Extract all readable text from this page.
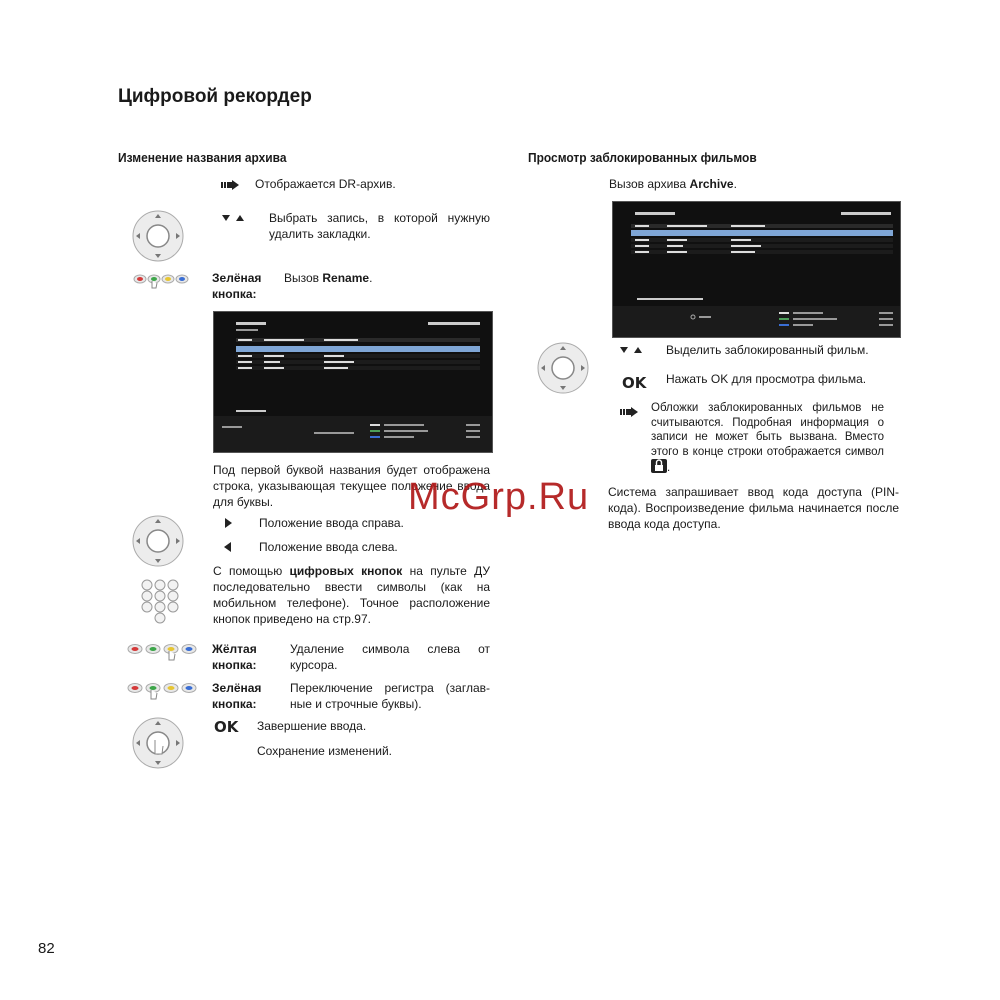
Цифровой рекордер
Изменение названия архива
Отображается DR-архив.
Выбрать запись, в которой нужную удалить закладки.
Зелёная кнопка:
Вызов Rename.
Под первой буквой названия будет отображена строка, указывающая текущее положение ввода для буквы.
Положение ввода справа.
Положение ввода слева.
С помощью цифровых кнопок на пульте ДУ последовательно ввести символы (как на мобильном телефоне). Точное расположение кнопок приведено на стр.97.
Жёлтая кнопка:
Удаление символа слева от курсора.
Зелёная кнопка:
Переключение регистра (заглав-ные и строчные буквы).
OK Завершение ввода.
Сохранение изменений.
Просмотр заблокированных фильмов
Вызов архива Archive.
Выделить заблокированный фильм.
OK Нажать OK для просмотра фильма.
Обложки заблокированных фильмов не считываются. Подробная информация о записи не может быть вызвана. Вместо этого в конце строки отображается символ .
Система запрашивает ввод кода доступа (PIN-кода). Воспроизведение фильма начинается после ввода кода доступа.
McGrp.Ru
82
